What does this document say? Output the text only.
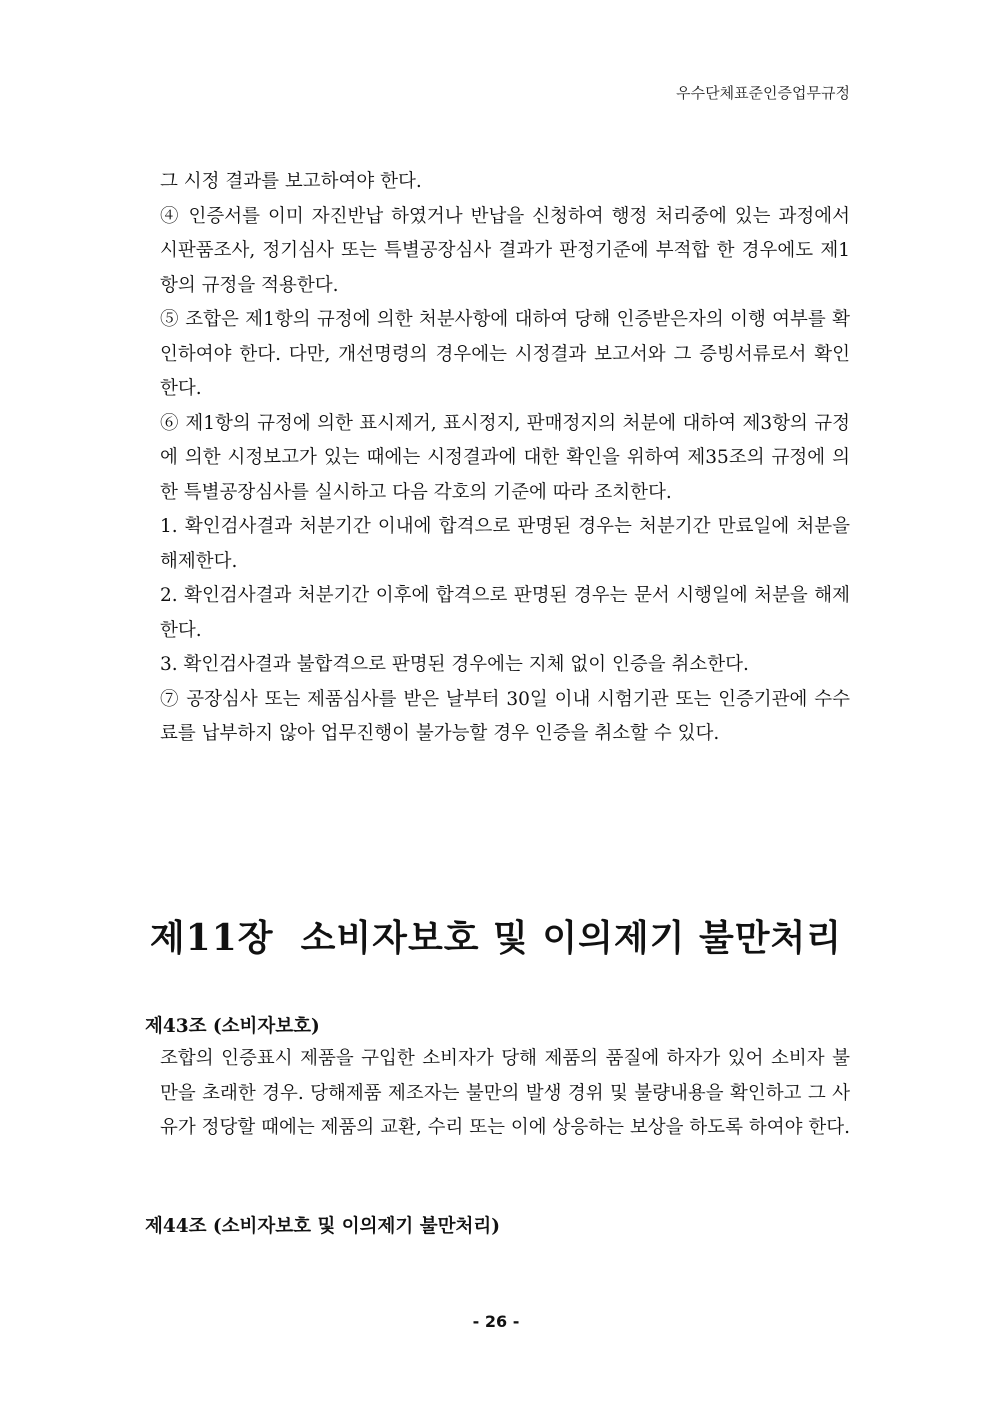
우수단체표준인증업무규정

그 시정 결과를 보고하여야 한다.

④ 인증서를 이미 자진반납 하였거나 반납을 신청하여 행정 처리중에 있는 과정에서 시판품조사, 정기심사 또는 특별공장심사 결과가 판정기준에 부적합 한 경우에도 제1항의 규정을 적용한다.

⑤ 조합은 제1항의 규정에 의한 처분사항에 대하여 당해 인증받은자의 이행 여부를 확인하여야 한다. 다만, 개선명령의 경우에는 시정결과 보고서와 그 증빙서류로서 확인한다.

⑥ 제1항의 규정에 의한 표시제거, 표시정지, 판매정지의 처분에 대하여 제3항의 규정에 의한 시정보고가 있는 때에는 시정결과에 대한 확인을 위하여 제35조의 규정에 의한 특별공장심사를 실시하고 다음 각호의 기준에 따라 조치한다.

1. 확인검사결과 처분기간 이내에 합격으로 판명된 경우는 처분기간 만료일에 처분을 해제한다.

2. 확인검사결과 처분기간 이후에 합격으로 판명된 경우는 문서 시행일에 처분을 해제한다.

3. 확인검사결과 불합격으로 판명된 경우에는 지체 없이 인증을 취소한다.

⑦ 공장심사 또는 제품심사를 받은 날부터 30일 이내 시험기관 또는 인증기관에 수수료를 납부하지 않아 업무진행이 불가능할 경우 인증을 취소할 수 있다.

제11장  소비자보호 및 이의제기 불만처리
제43조 (소비자보호)

조합의 인증표시 제품을 구입한 소비자가 당해 제품의 품질에 하자가 있어 소비자 불만을 초래한 경우. 당해제품 제조자는 불만의 발생 경위 및 불량내용을 확인하고 그 사유가 정당할 때에는 제품의 교환, 수리 또는 이에 상응하는 보상을 하도록 하여야 한다.

제44조 (소비자보호 및 이의제기 불만처리)
- 26 -
